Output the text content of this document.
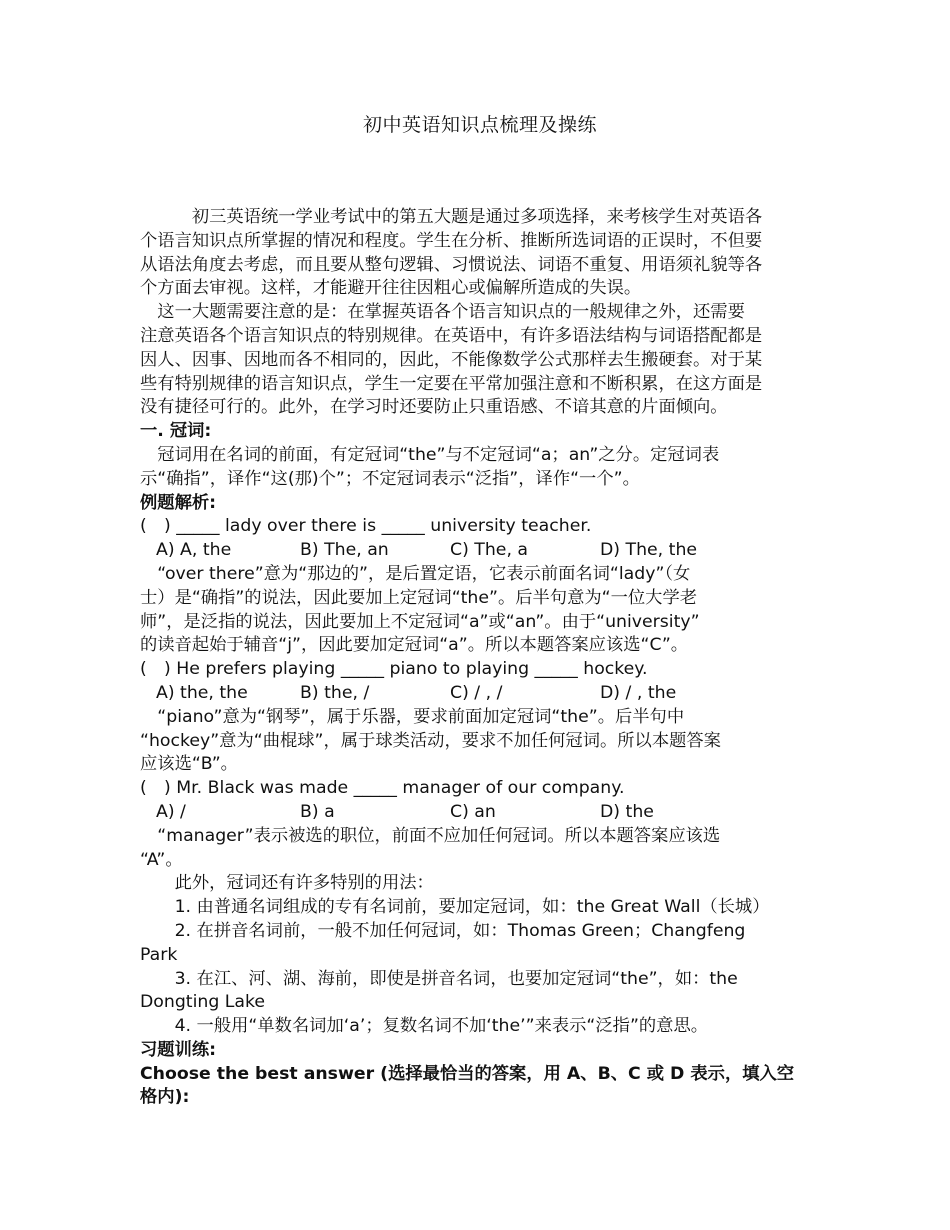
初中英语知识点梳理及操练
　　　初三英语统一学业考试中的第五大题是通过多项选择，来考核学生对英语各
个语言知识点所掌握的情况和程度。学生在分析、推断所选词语的正误时，不但要
从语法角度去考虑，而且要从整句逻辑、习惯说法、词语不重复、用语须礼貌等各
个方面去审视。这样，才能避开往往因粗心或偏解所造成的失误。
　这一大题需要注意的是：在掌握英语各个语言知识点的一般规律之外，还需要
注意英语各个语言知识点的特别规律。在英语中，有许多语法结构与词语搭配都是
因人、因事、因地而各不相同的，因此，不能像数学公式那样去生搬硬套。对于某
些有特别规律的语言知识点，学生一定要在平常加强注意和不断积累，在这方面是
没有捷径可行的。此外，在学习时还要防止只重语感、不谙其意的片面倾向。
一. 冠词:
　冠词用在名词的前面，有定冠词“the”与不定冠词“a；an”之分。定冠词表
示“确指”，译作“这(那)个”；不定冠词表示“泛指”，译作“一个”。
例题解析:
(　) _____ lady over there is _____ university teacher.
A) A, the	B) The, an	C) The, a	D) The, the
　“over there”意为“那边的”，是后置定语，它表示前面名词“lady”（女
士）是“确指”的说法，因此要加上定冠词“the”。后半句意为“一位大学老
师”，是泛指的说法，因此要加上不定冠词“a”或“an”。由于“university”
的读音起始于辅音“j”，因此要加定冠词“a”。所以本题答案应该选“C”。
(　) He prefers playing _____ piano to playing _____ hockey.
A) the, the	B) the, /	C) / , /	D) / , the
　“piano”意为“钢琴”，属于乐器，要求前面加定冠词“the”。后半句中
“hockey”意为“曲棍球”，属于球类活动，要求不加任何冠词。所以本题答案
应该选“B”。
(　) Mr. Black was made _____ manager of our company.
A) /	B) a	C) an	D) the
　“manager”表示被选的职位，前面不应加任何冠词。所以本题答案应该选
“A”。
　　此外，冠词还有许多特别的用法：
　　1. 由普通名词组成的专有名词前，要加定冠词，如：the Great Wall（长城）
　　2. 在拼音名词前，一般不加任何冠词，如：Thomas Green；Changfeng
Park
　　3. 在江、河、湖、海前，即使是拼音名词，也要加定冠词“the”，如：the
Dongting Lake
　　4. 一般用“单数名词加‘a’；复数名词不加‘the’”来表示“泛指”的意思。
习题训练:
Choose the best answer (选择最恰当的答案，用 A、B、C 或 D 表示，填入空
格内):
